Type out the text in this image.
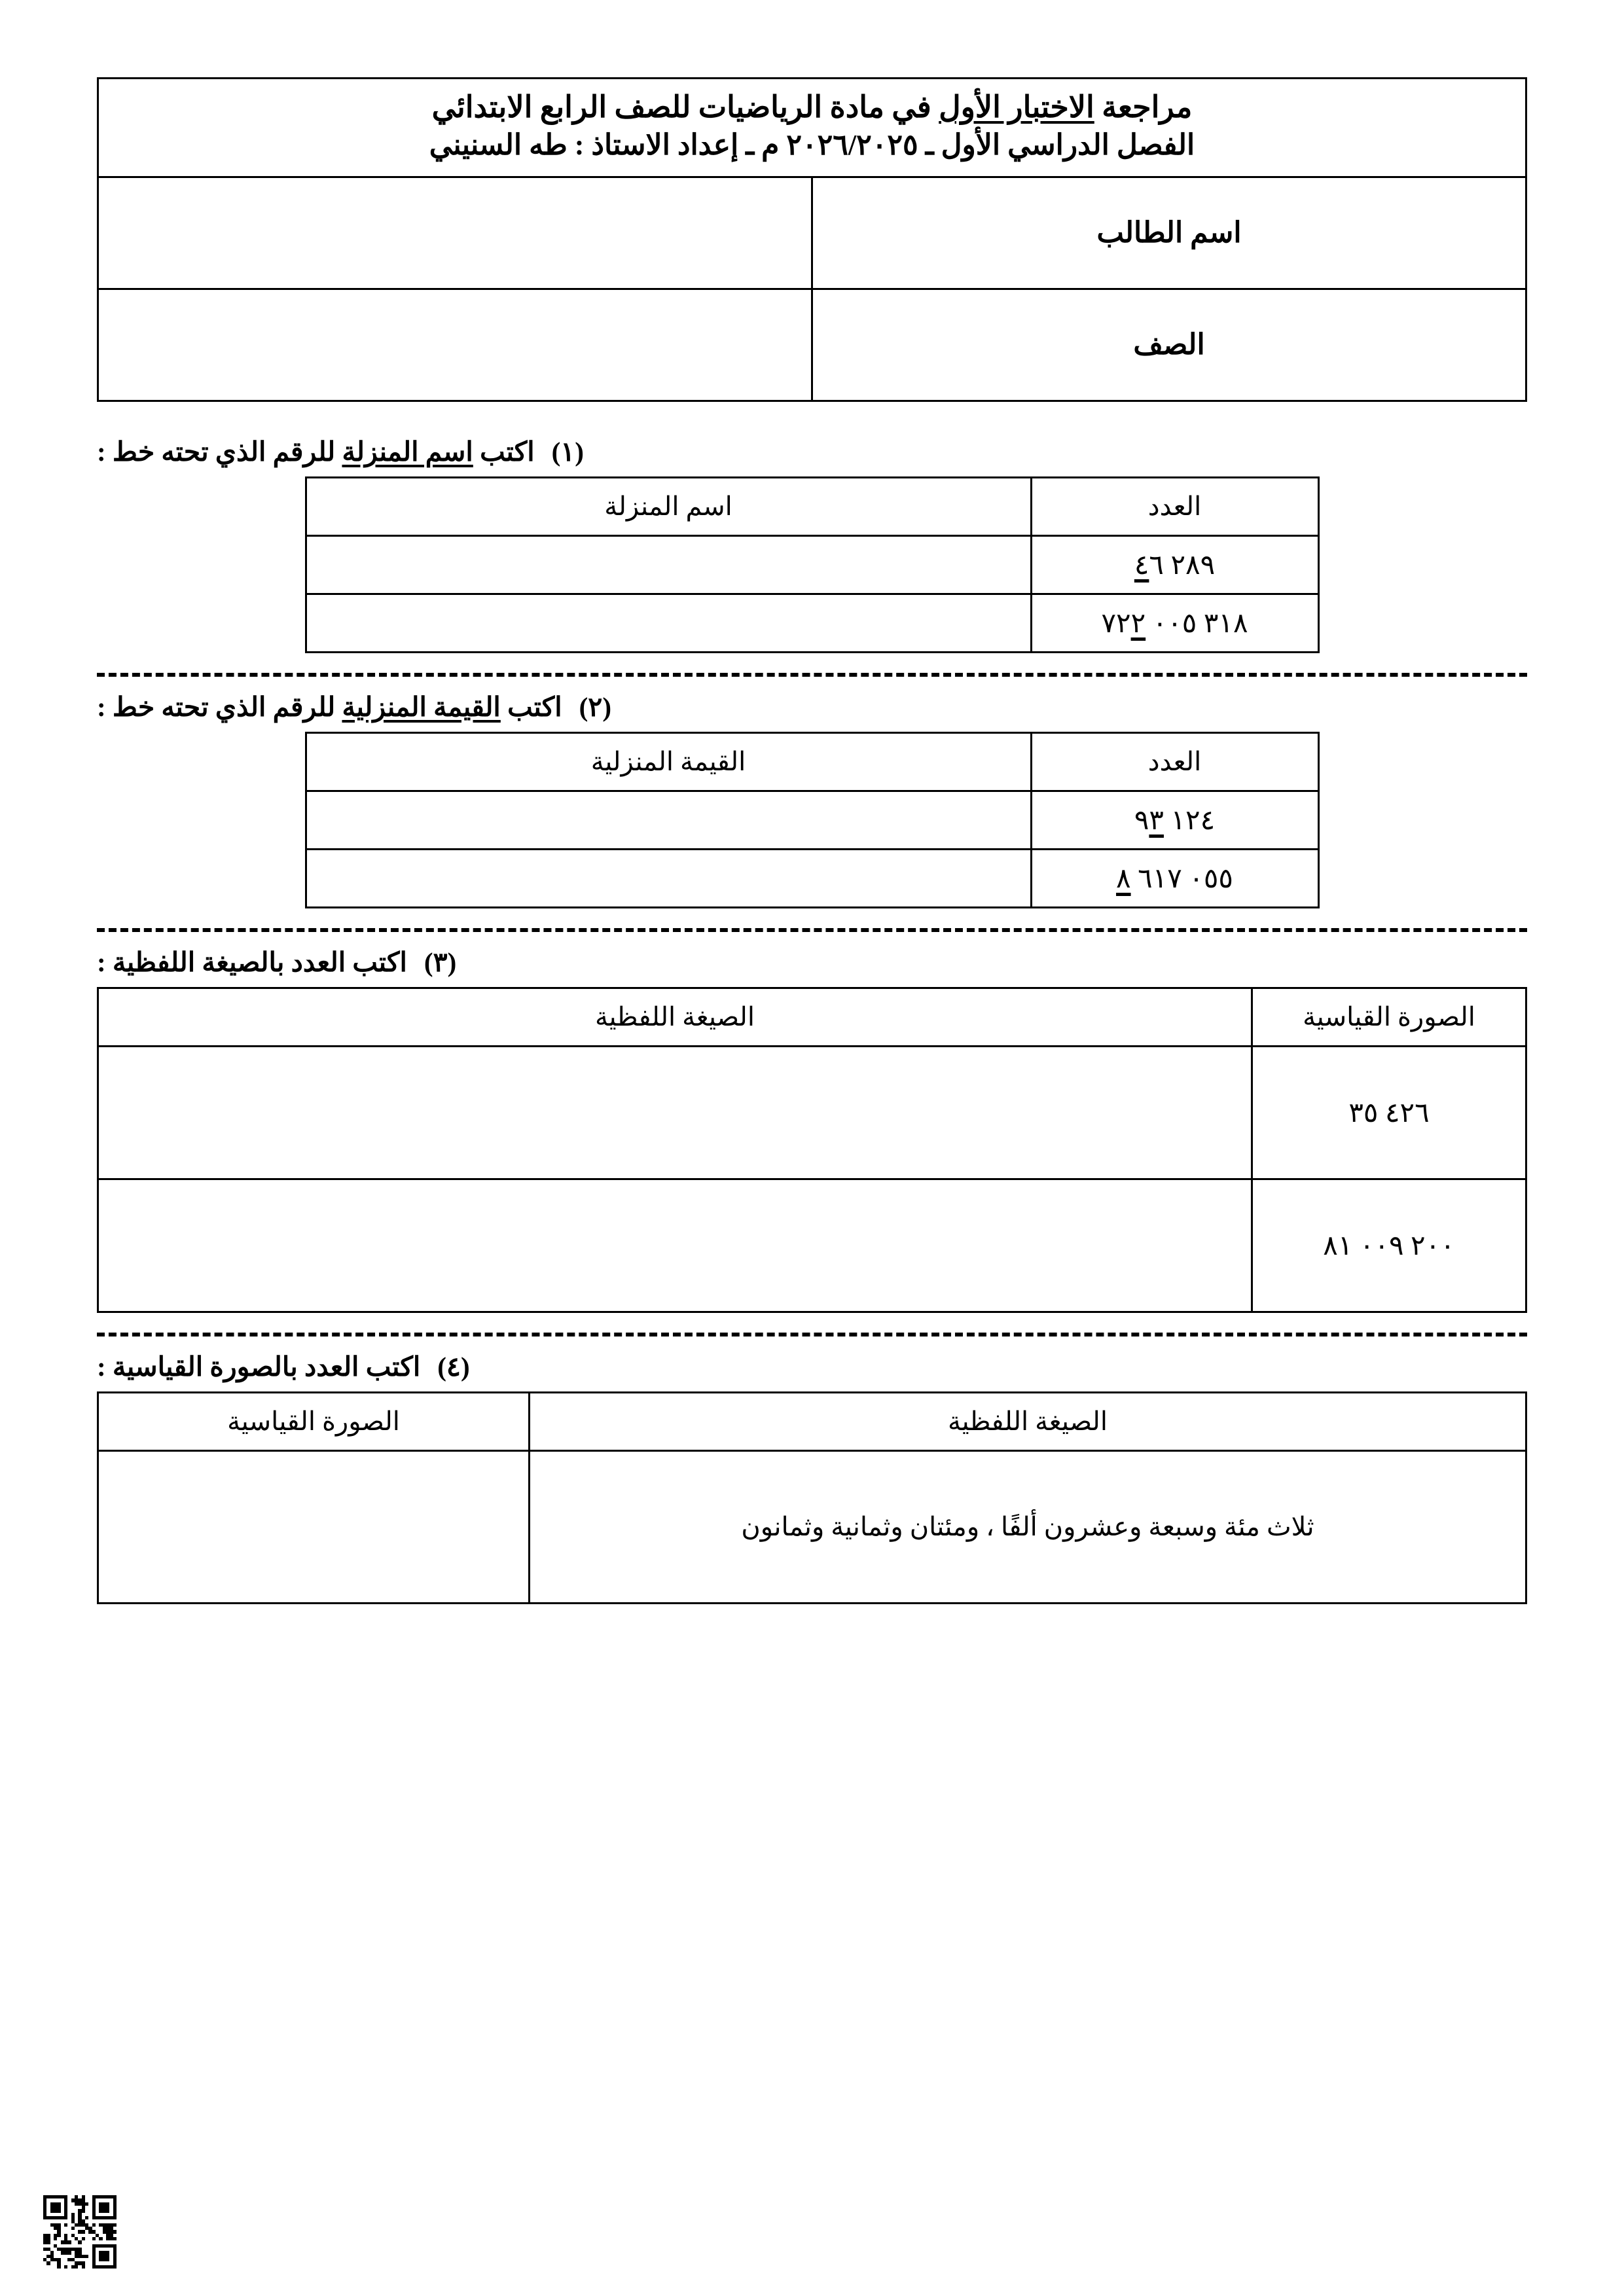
مراجعة الاختبار الأول في مادة الرياضيات للصف الرابع الابتدائي
الفصل الدراسي الأول ـ ٢٠٢٦/٢٠٢٥ م ـ إعداد الاستاذ : طه السنيني	

اسم الطالب	
الصف	
(١)اكتب اسم المنزلة للرقم الذي تحته خط :
العدد	اسم المنزلة
٤٦ ٢٨٩	
٧٢٢ ٠٠٥ ٣١٨	
(٢)اكتب القيمة المنزلية للرقم الذي تحته خط :
العدد	القيمة المنزلية
٩٣ ١٢٤	
٨ ٦١٧ ٠٥٥	
(٣)اكتب العدد بالصيغة اللفظية :
الصورة القياسية	الصيغة اللفظية
٣٥ ٤٢٦	
٨١ ٠٠٩ ٢٠٠	
(٤)اكتب العدد بالصورة القياسية :
الصيغة اللفظية	الصورة القياسية
ثلاث مئة وسبعة وعشرون ألفًا ، ومئتان وثمانية وثمانون	
